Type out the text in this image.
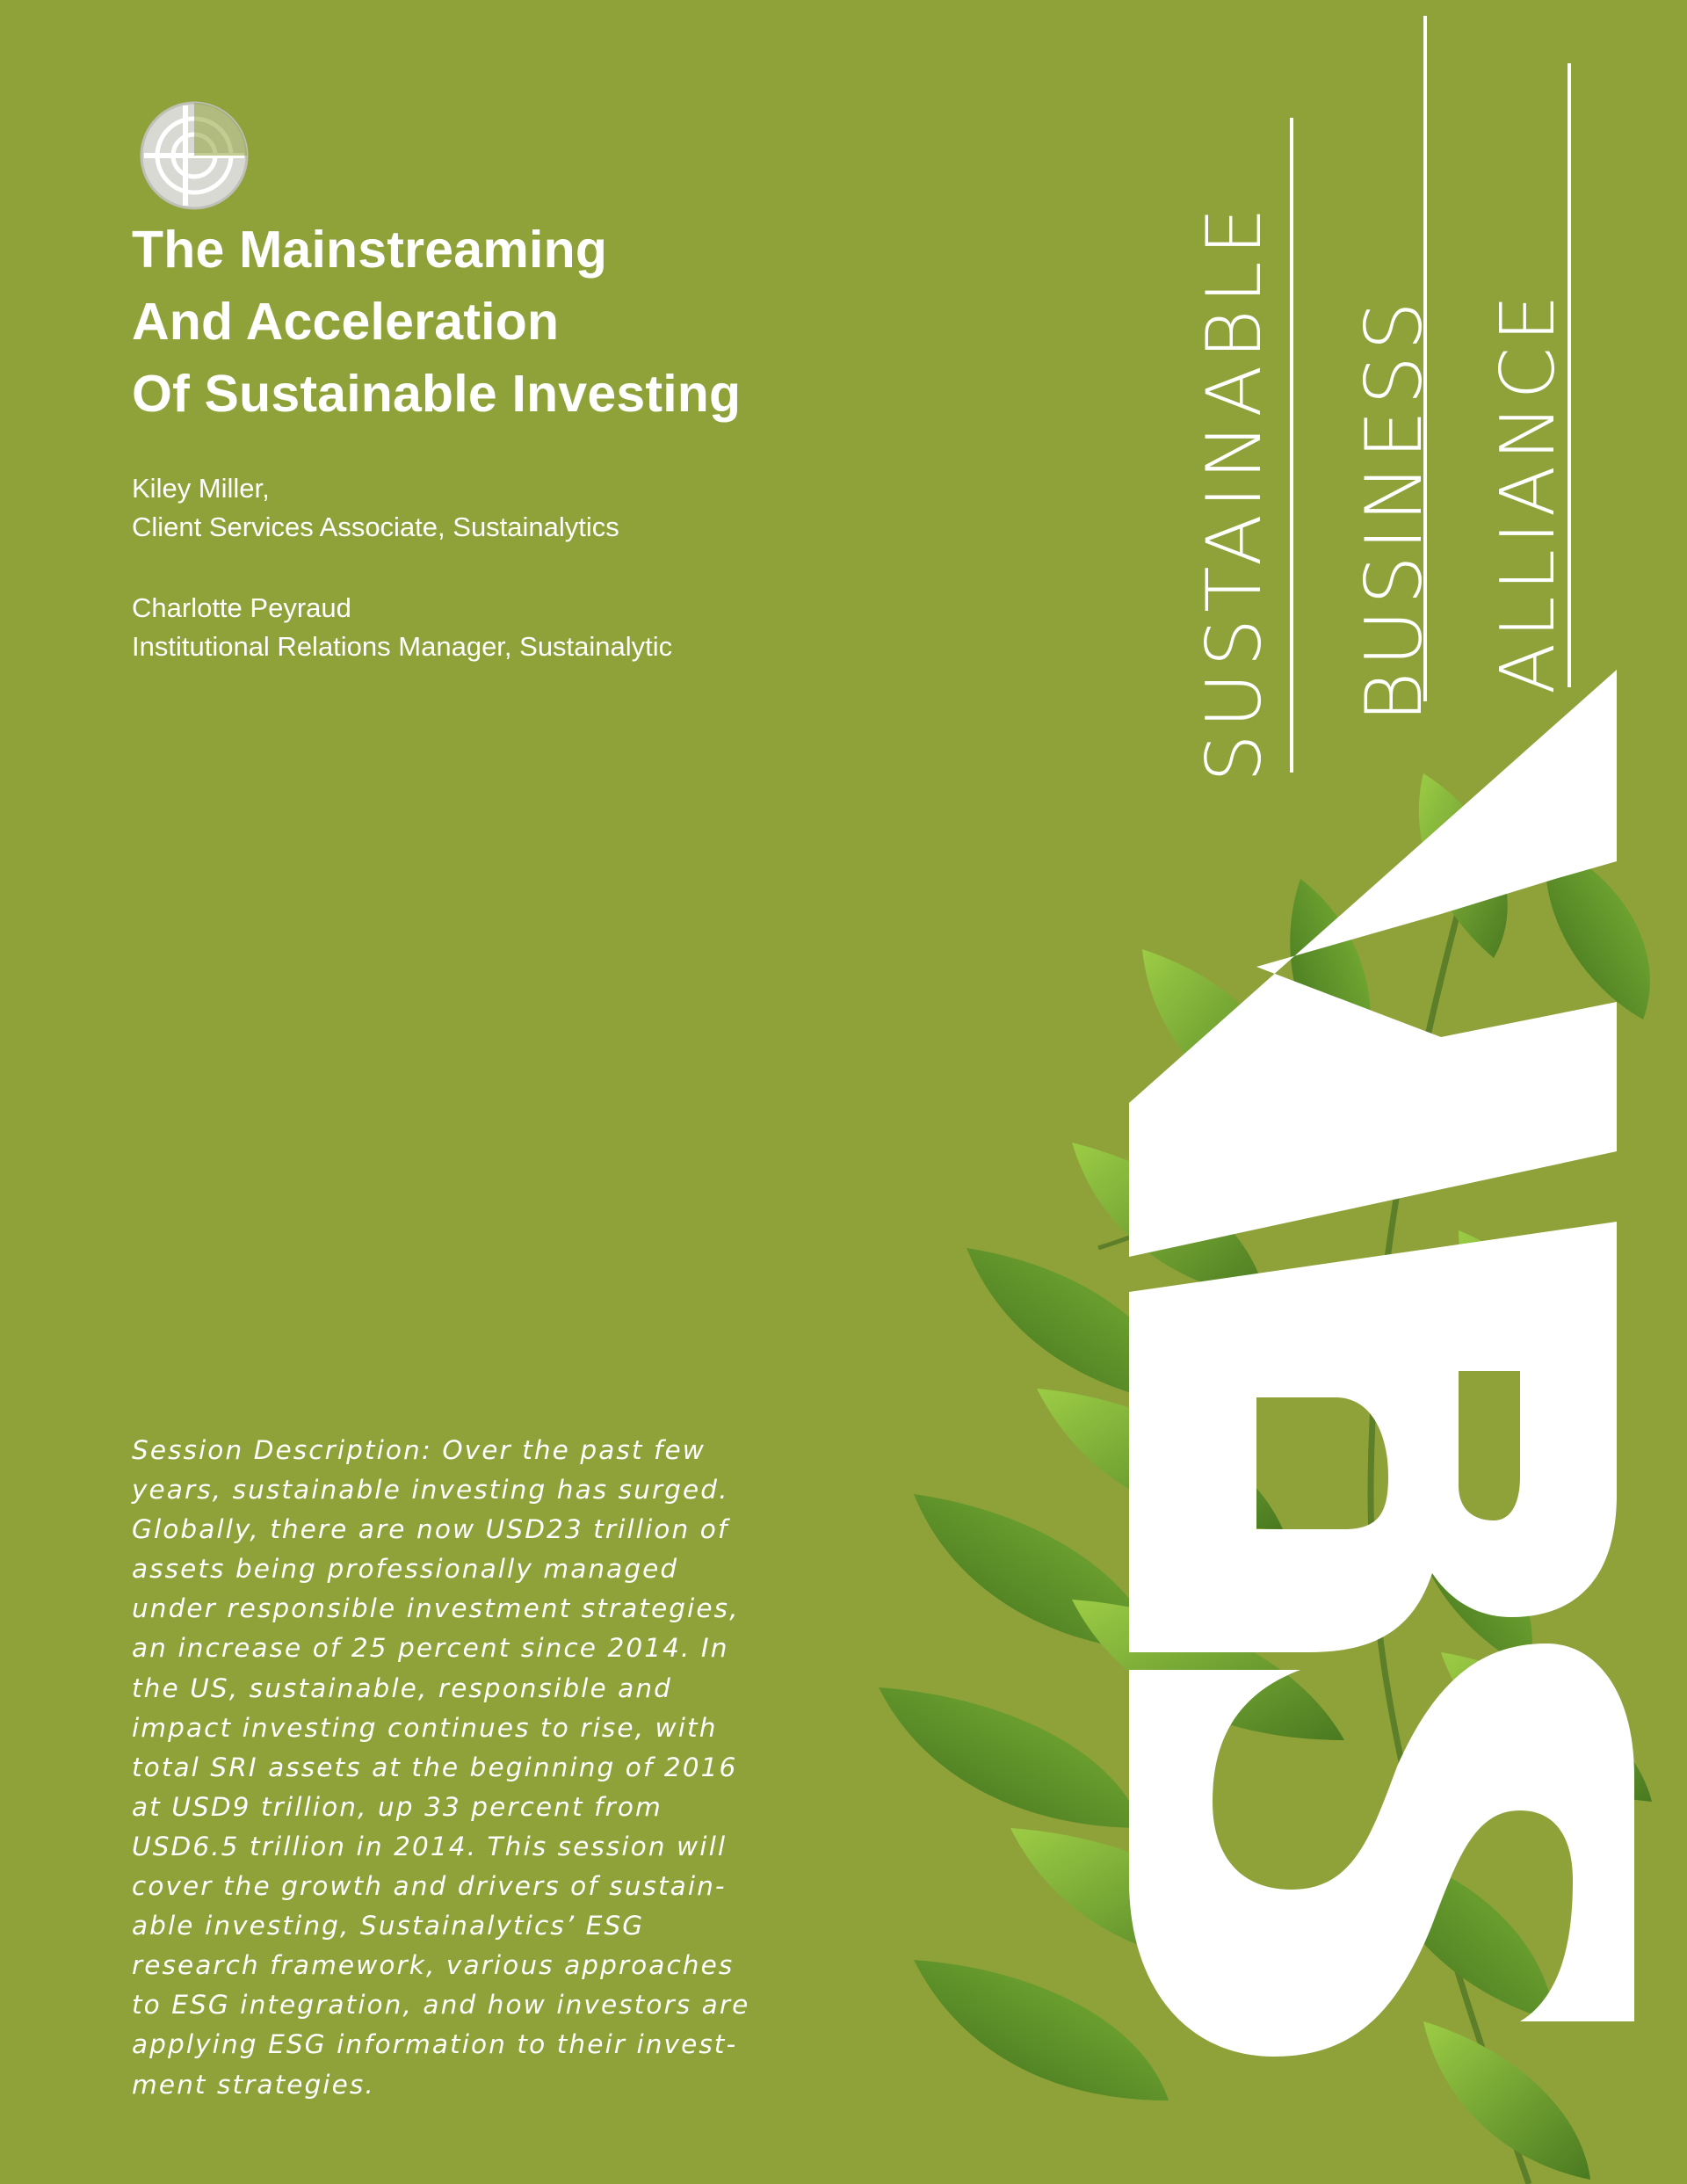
The Mainstreaming
And Acceleration
Of Sustainable Investing
Kiley Miller,
Client Services Associate, Sustainalytics
Charlotte Peyraud
Institutional Relations Manager, Sustainalytic
Session Description: Over the past few
years, sustainable investing has surged.
Globally, there are now USD23 trillion of
assets being professionally managed
under responsible investment strategies,
an increase of 25 percent since 2014. In
the US, sustainable, responsible and
impact investing continues to rise, with
total SRI assets at the beginning of 2016
at USD9 trillion, up 33 percent from
USD6.5 trillion in 2014. This session will
cover the growth and drivers of sustain-
able investing, Sustainalytics’ ESG
research framework, various approaches
to ESG integration, and how investors are
applying ESG information to their invest-
ment strategies.
SUSTAINABLE BUSINESS ALLIANCE
